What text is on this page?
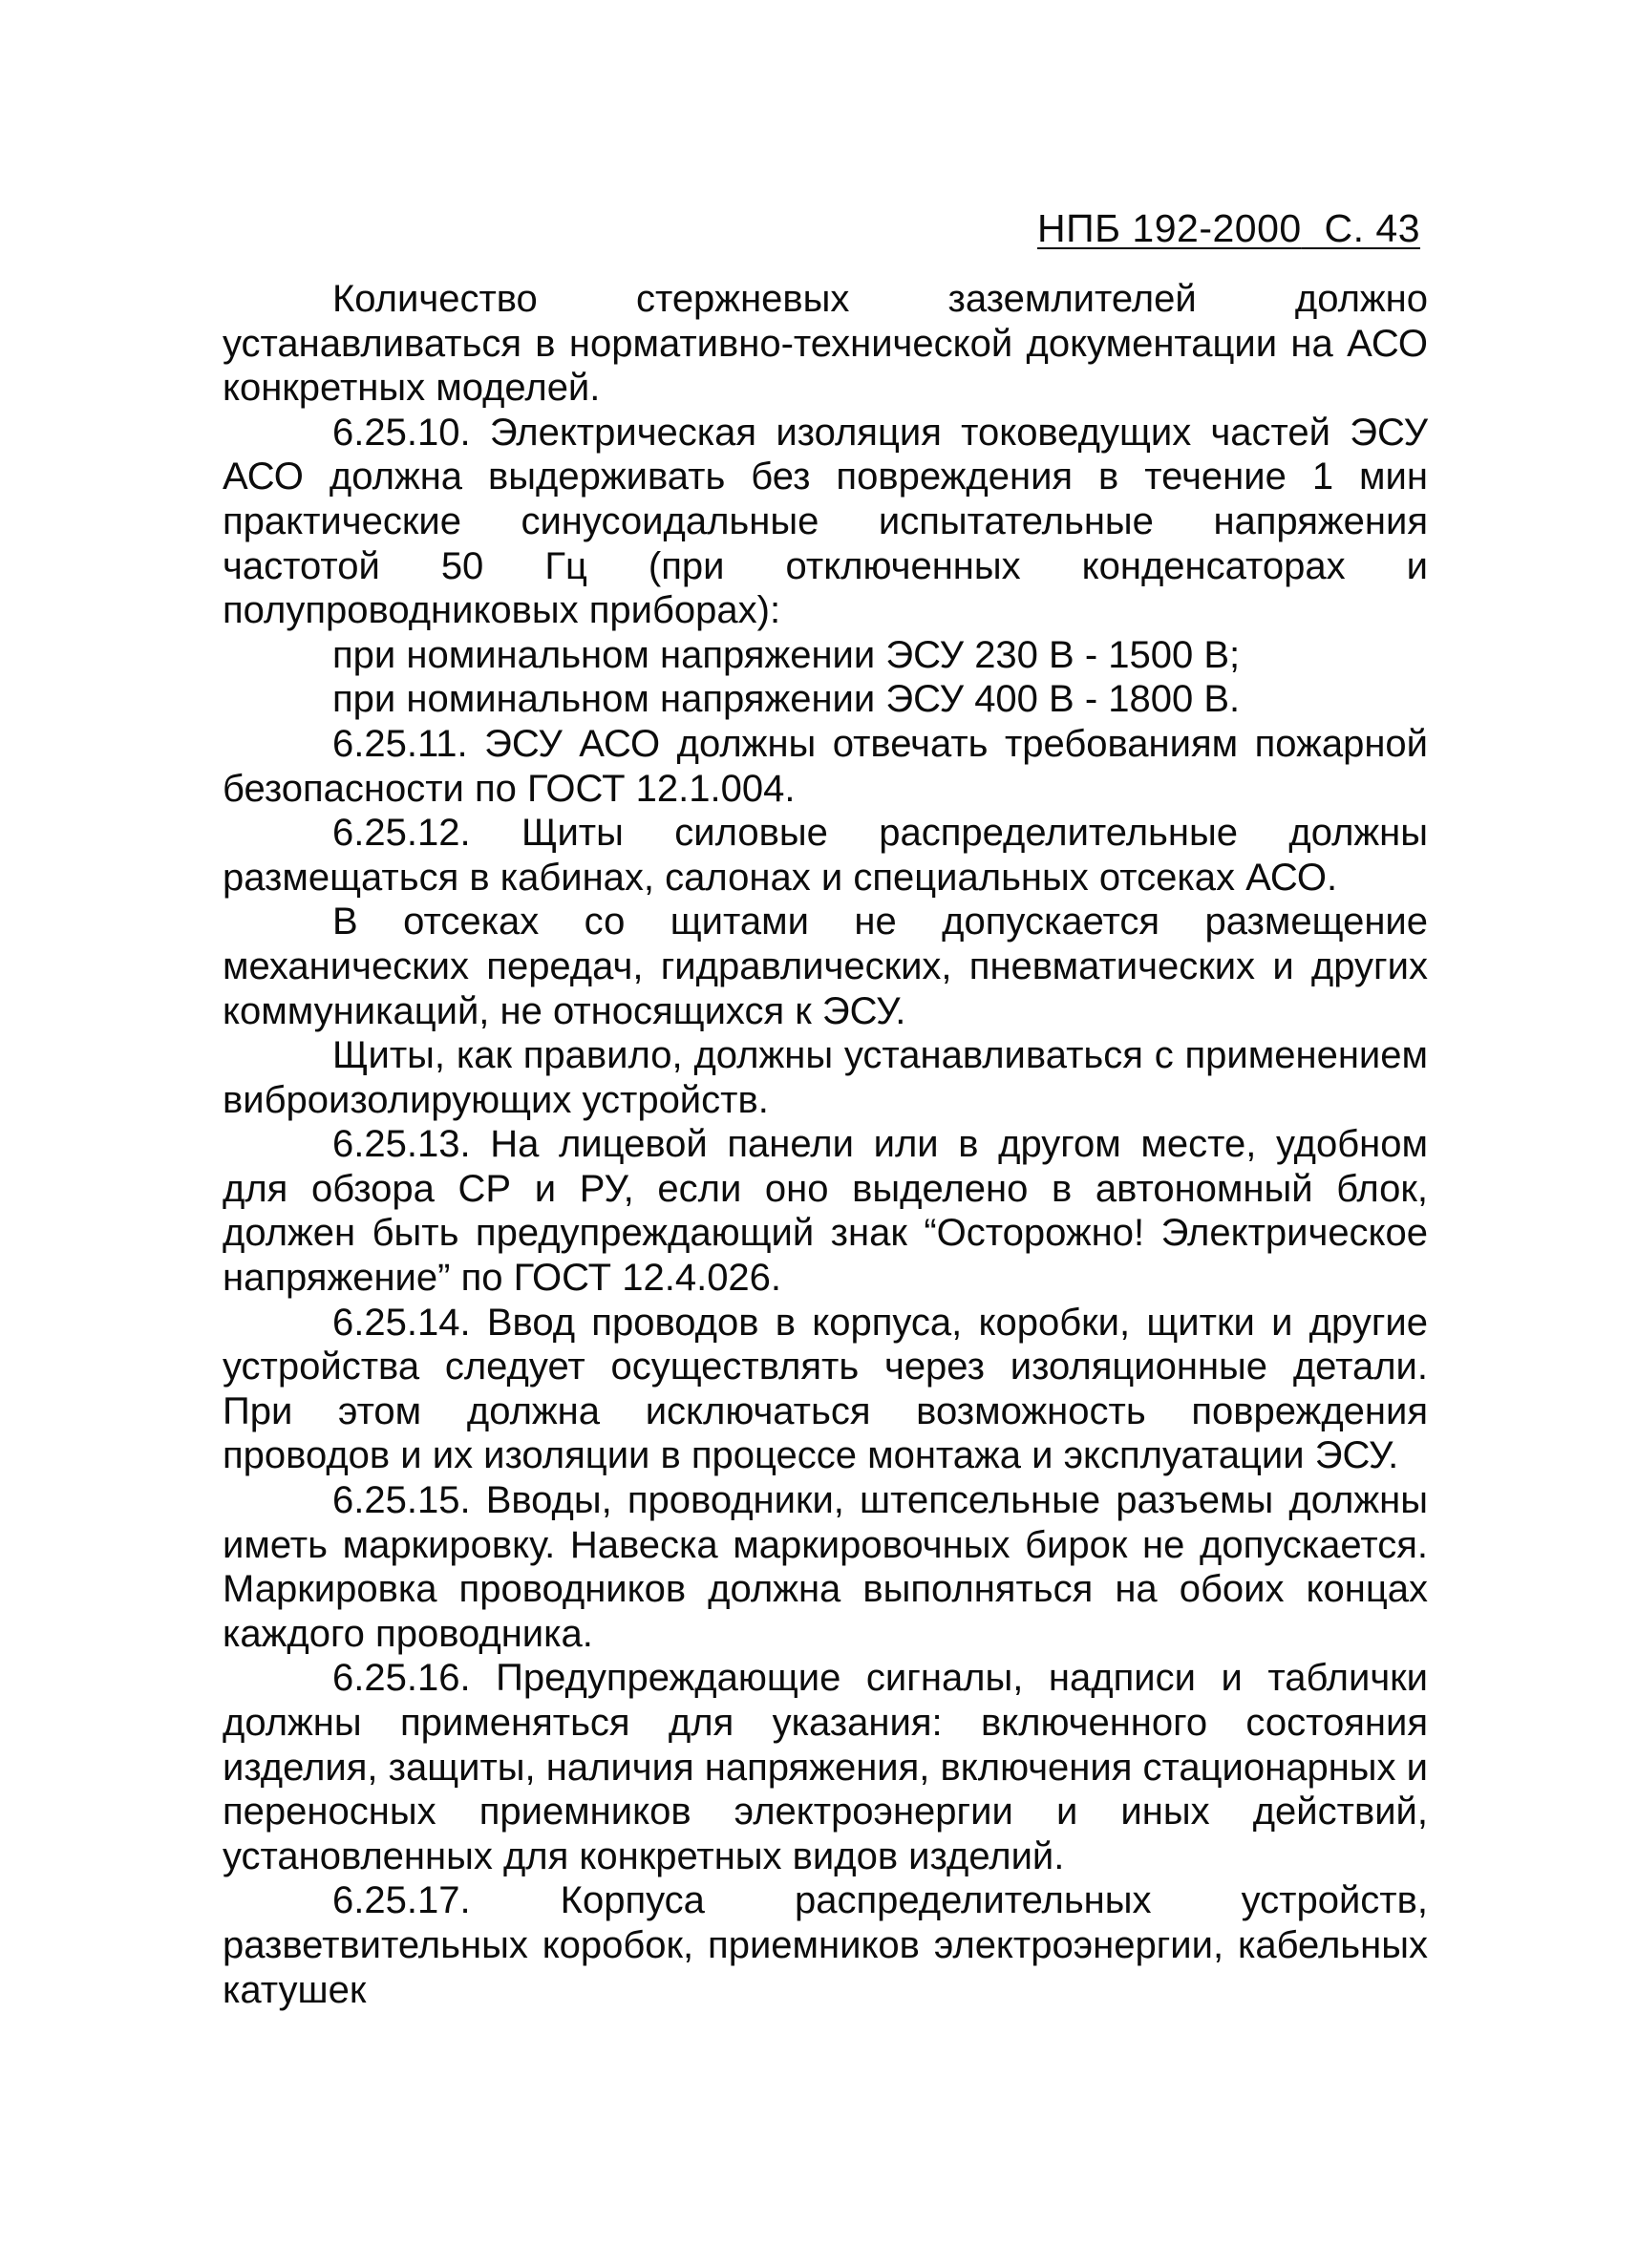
НПБ 192-2000 С. 43

Количество стержневых заземлителей должно устанавливаться в нормативно-технической документации на АСО конкретных моделей.

6.25.10. Электрическая изоляция токоведущих частей ЭСУ АСО должна выдерживать без повреждения в течение 1 мин практические синусоидальные испытательные напряжения частотой 50 Гц (при отключенных конденсаторах и полупроводниковых приборах):

при номинальном напряжении ЭСУ 230 В - 1500 В;

при номинальном напряжении ЭСУ 400 В - 1800 В.

6.25.11. ЭСУ АСО должны отвечать требованиям пожарной безопасности по ГОСТ 12.1.004.

6.25.12. Щиты силовые распределительные должны размещаться в кабинах, салонах и специальных отсеках АСО.

В отсеках со щитами не допускается размещение механических передач, гидравлических, пневматических и других коммуникаций, не относящихся к ЭСУ.

Щиты, как правило, должны устанавливаться с применением виброизолирующих устройств.

6.25.13. На лицевой панели или в другом месте, удобном для обзора СР и РУ, если оно выделено в автономный блок, должен быть предупреждающий знак “Осторожно! Электрическое напряжение” по ГОСТ 12.4.026.

6.25.14. Ввод проводов в корпуса, коробки, щитки и другие устройства следует осуществлять через изоляционные детали. При этом должна исключаться возможность повреждения проводов и их изоляции в процессе монтажа и эксплуатации ЭСУ.

6.25.15. Вводы, проводники, штепсельные разъемы должны иметь маркировку. Навеска маркировочных бирок не допускается. Маркировка проводников должна выполняться на обоих концах каждого проводника.

6.25.16. Предупреждающие сигналы, надписи и таблички должны применяться для указания: включенного состояния изделия, защиты, наличия напряжения, включения стационарных и переносных приемников электроэнергии и иных действий, установленных для конкретных видов изделий.

6.25.17. Корпуса распределительных устройств, разветвительных коробок, приемников электроэнергии, кабельных катушек
